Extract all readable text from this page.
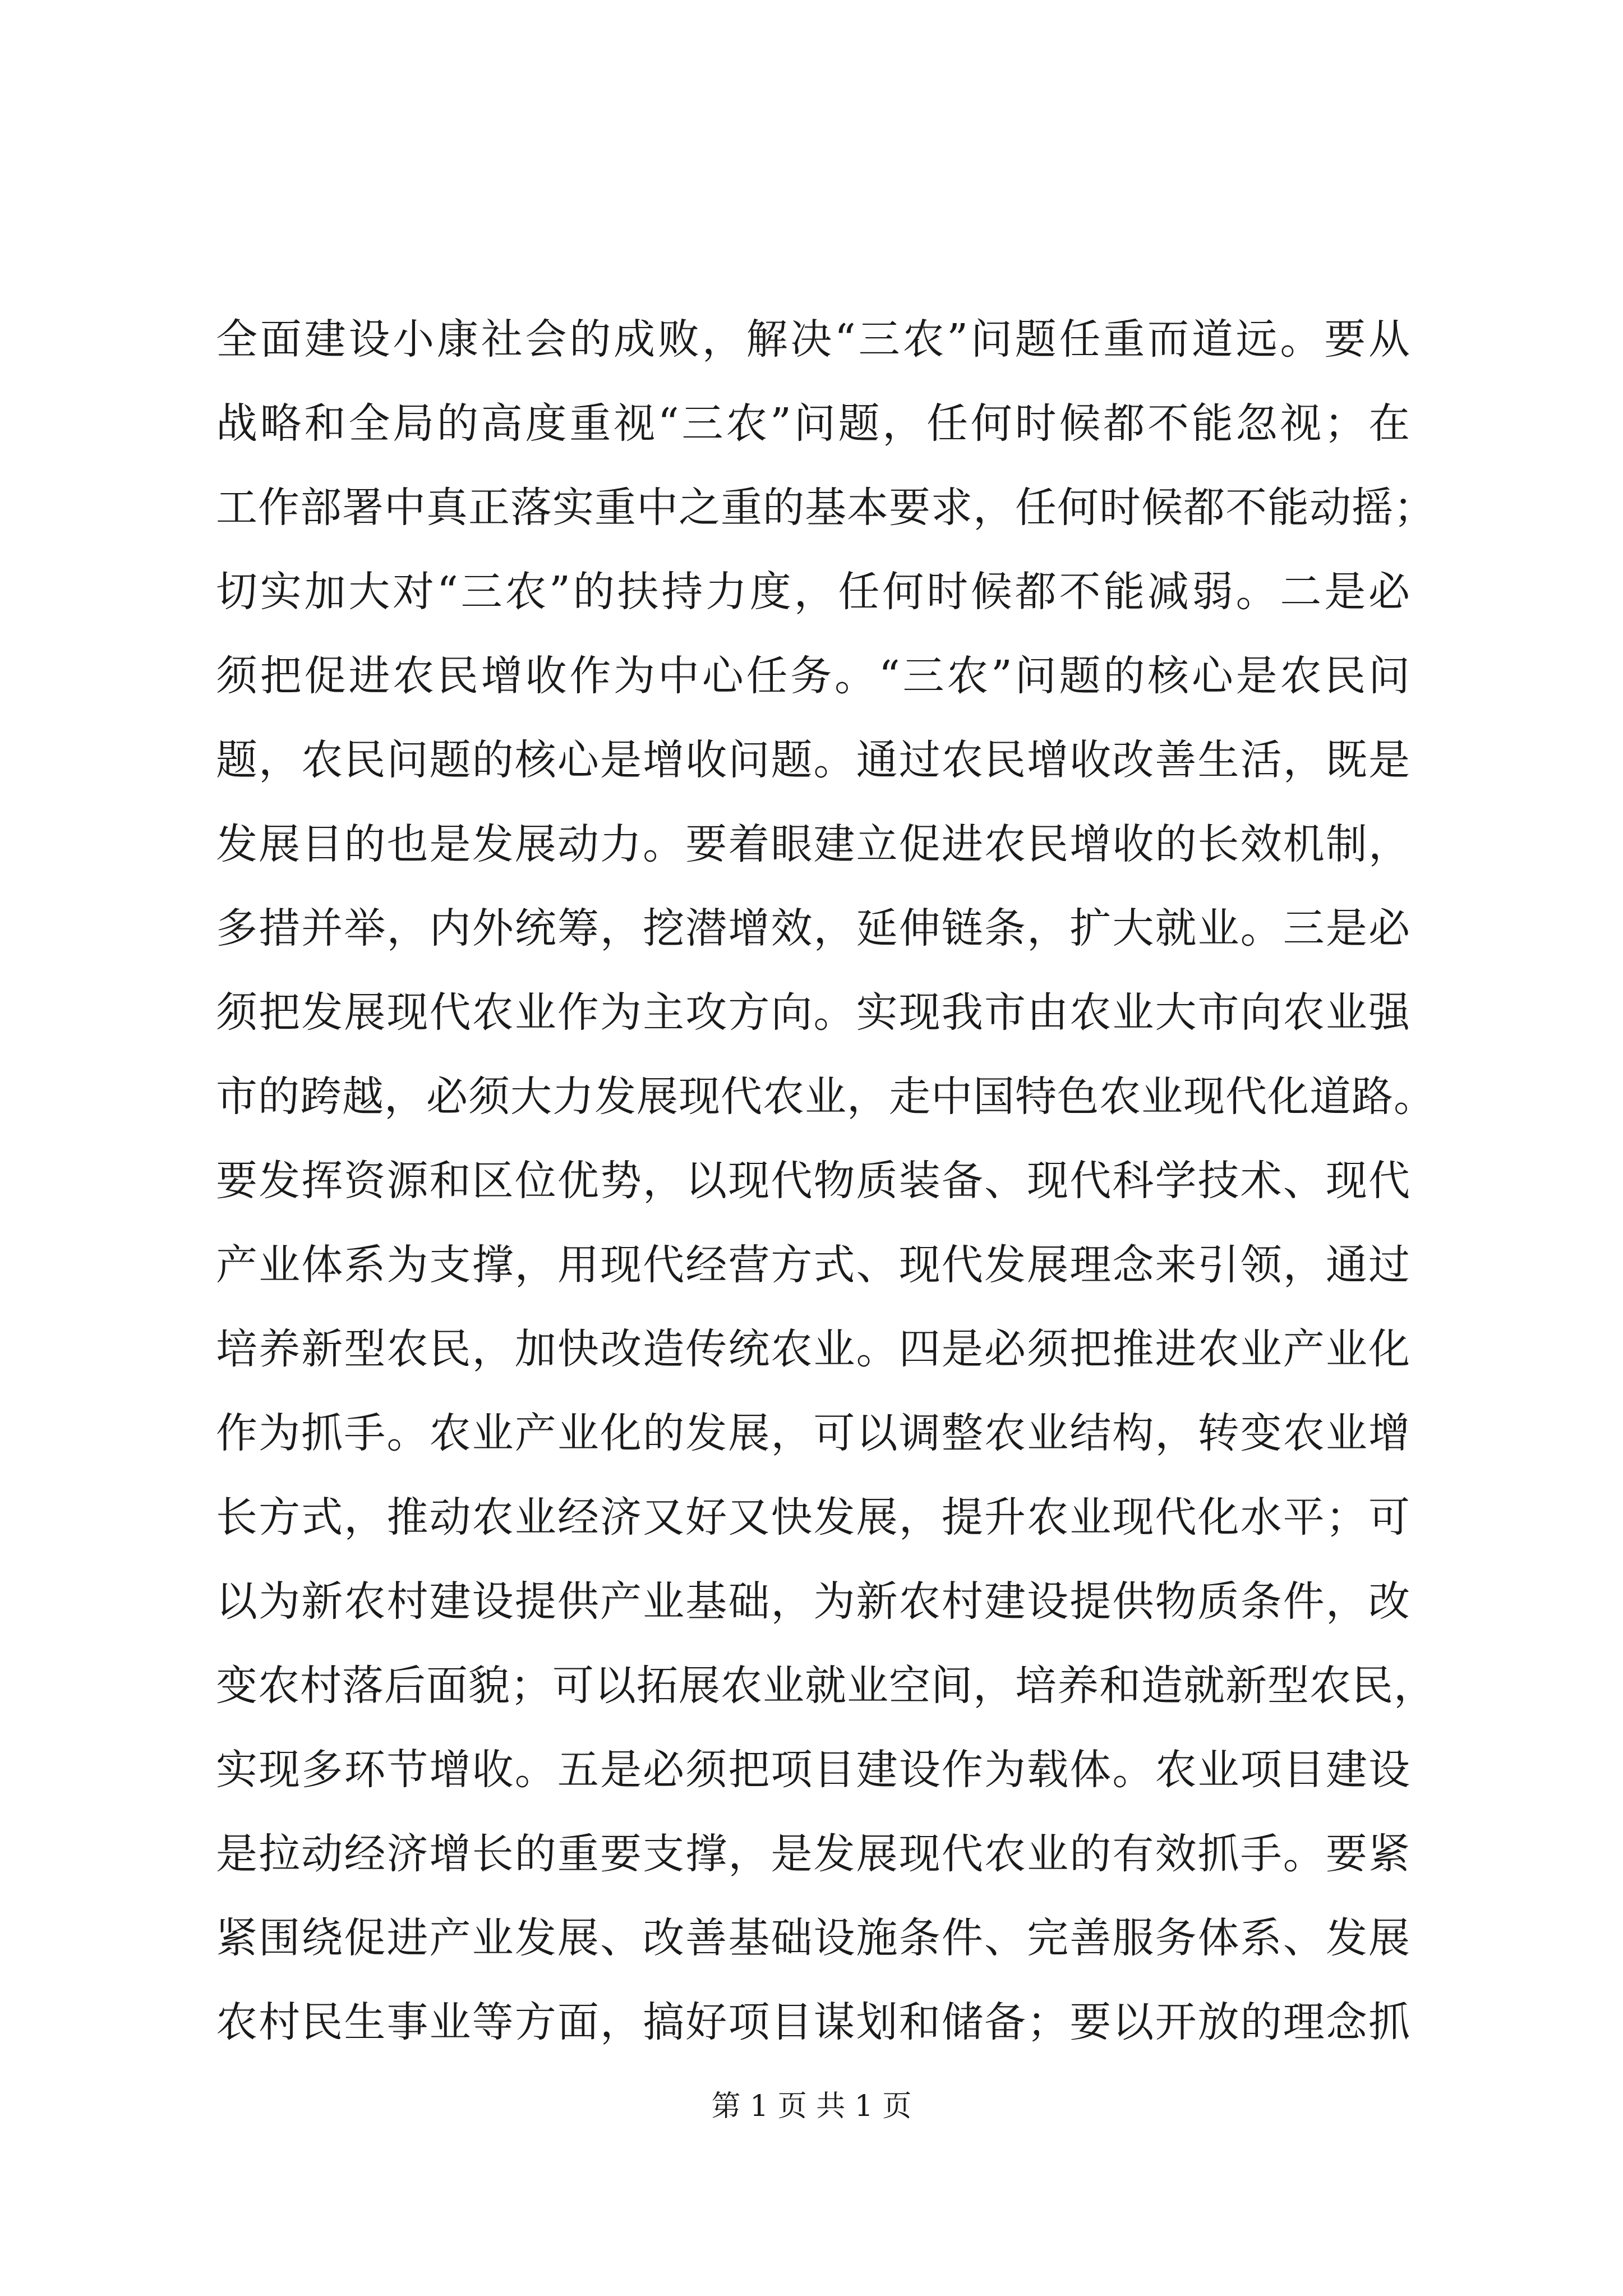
全面建设小康社会的成败，解决“三农”问题任重而道远。要从
战略和全局的高度重视“三农”问题，任何时候都不能忽视；在
工作部署中真正落实重中之重的基本要求，任何时候都不能动摇；
切实加大对“三农”的扶持力度，任何时候都不能减弱。二是必
须把促进农民增收作为中心任务。“三农”问题的核心是农民问
题，农民问题的核心是增收问题。通过农民增收改善生活，既是
发展目的也是发展动力。要着眼建立促进农民增收的长效机制，
多措并举，内外统筹，挖潜增效，延伸链条，扩大就业。三是必
须把发展现代农业作为主攻方向。实现我市由农业大市向农业强
市的跨越，必须大力发展现代农业，走中国特色农业现代化道路。
要发挥资源和区位优势，以现代物质装备、现代科学技术、现代
产业体系为支撑，用现代经营方式、现代发展理念来引领，通过
培养新型农民，加快改造传统农业。四是必须把推进农业产业化
作为抓手。农业产业化的发展，可以调整农业结构，转变农业增
长方式，推动农业经济又好又快发展，提升农业现代化水平；可
以为新农村建设提供产业基础，为新农村建设提供物质条件，改
变农村落后面貌；可以拓展农业就业空间，培养和造就新型农民，
实现多环节增收。五是必须把项目建设作为载体。农业项目建设
是拉动经济增长的重要支撑，是发展现代农业的有效抓手。要紧
紧围绕促进产业发展、改善基础设施条件、完善服务体系、发展
农村民生事业等方面，搞好项目谋划和储备；要以开放的理念抓
第 1 页 共 1 页
